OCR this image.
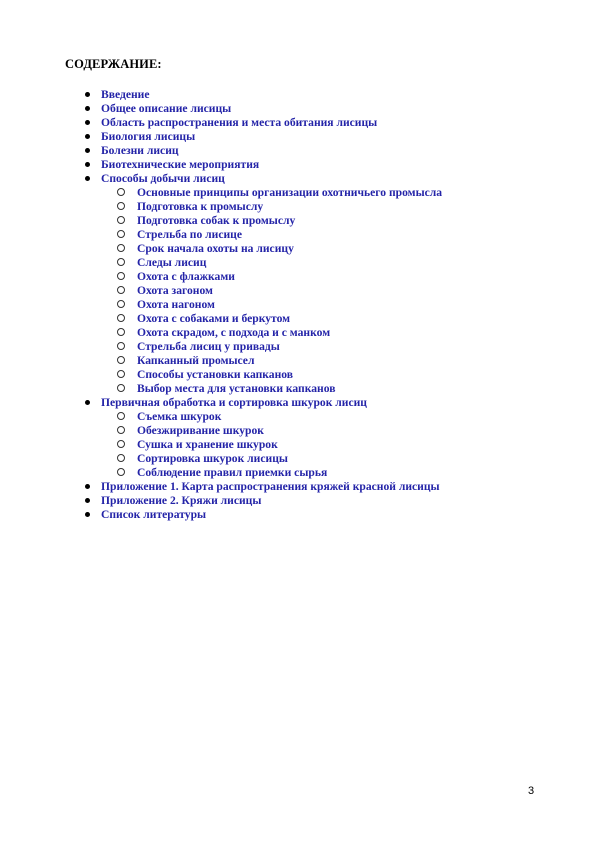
СОДЕРЖАНИЕ:
Введение
Общее описание лисицы
Область распространения и места обитания лисицы
Биология лисицы
Болезни лисиц
Биотехнические мероприятия
Способы добычи лисиц
Основные принципы организации охотничьего промысла
Подготовка к промыслу
Подготовка собак к промыслу
Стрельба по лисице
Срок начала охоты на лисицу
Следы лисиц
Охота с флажками
Охота загоном
Охота нагоном
Охота с собаками и беркутом
Охота скрадом, с подхода и с манком
Стрельба лисиц у привады
Капканный промысел
Способы установки капканов
Выбор места для установки капканов
Первичная обработка и сортировка шкурок лисиц
Съемка шкурок
Обезжиривание шкурок
Сушка и хранение шкурок
Сортировка шкурок лисицы
Соблюдение правил приемки сырья
Приложение 1. Карта распространения кряжей красной лисицы
Приложение 2. Кряжи лисицы
Список литературы
3
